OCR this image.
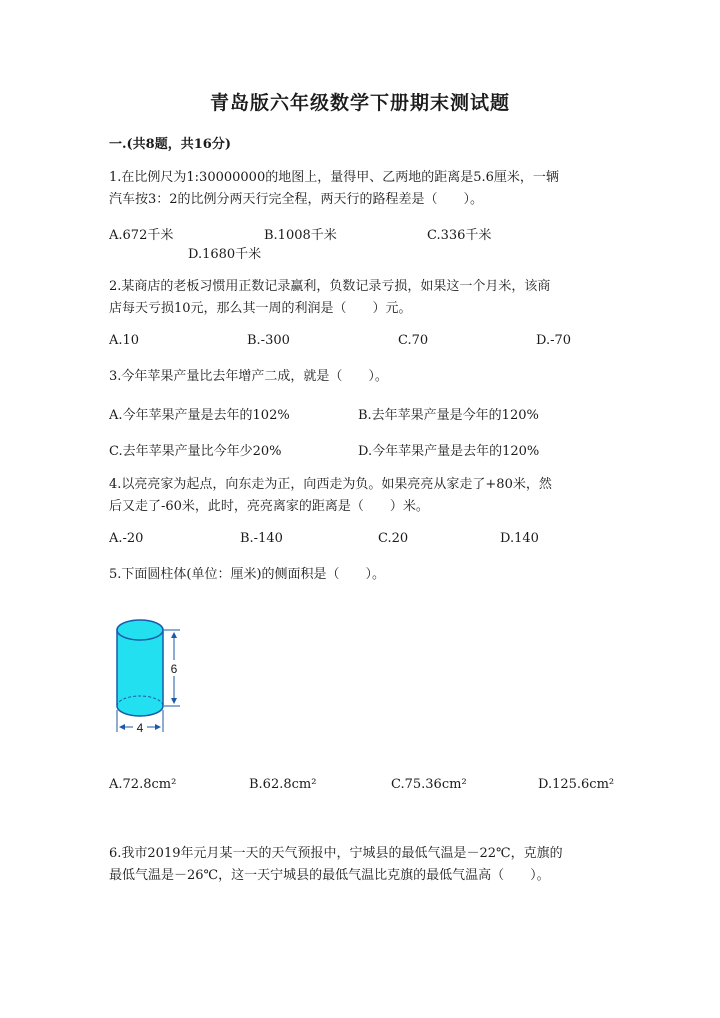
青岛版六年级数学下册期末测试题
一.(共8题，共16分)
1.在比例尺为1:30000000的地图上，量得甲、乙两地的距离是5.6厘米，一辆
汽车按3：2的比例分两天行完全程，两天行的路程差是（　　）。
A.672千米	B.1008千米	C.336千米
D.1680千米
2.某商店的老板习惯用正数记录赢利，负数记录亏损，如果这一个月米，该商
店每天亏损10元，那么其一周的利润是（　　）元。
A.10	B.-300	C.70	D.-70
3.今年苹果产量比去年增产二成，就是（　　）。
A.今年苹果产量是去年的102%	B.去年苹果产量是今年的120%
C.去年苹果产量比今年少20%	D.今年苹果产量是去年的120%
4.以亮亮家为起点，向东走为正，向西走为负。如果亮亮从家走了+80米，然
后又走了-60米，此时，亮亮离家的距离是（　　）米。
A.-20	B.-140	C.20	D.140
5.下面圆柱体(单位：厘米)的侧面积是（　　）。
6
4
A.72.8cm²	B.62.8cm²	C.75.36cm²	D.125.6cm²
6.我市2019年元月某一天的天气预报中，宁城县的最低气温是－22℃，克旗的
最低气温是－26℃，这一天宁城县的最低气温比克旗的最低气温高（　　）。
